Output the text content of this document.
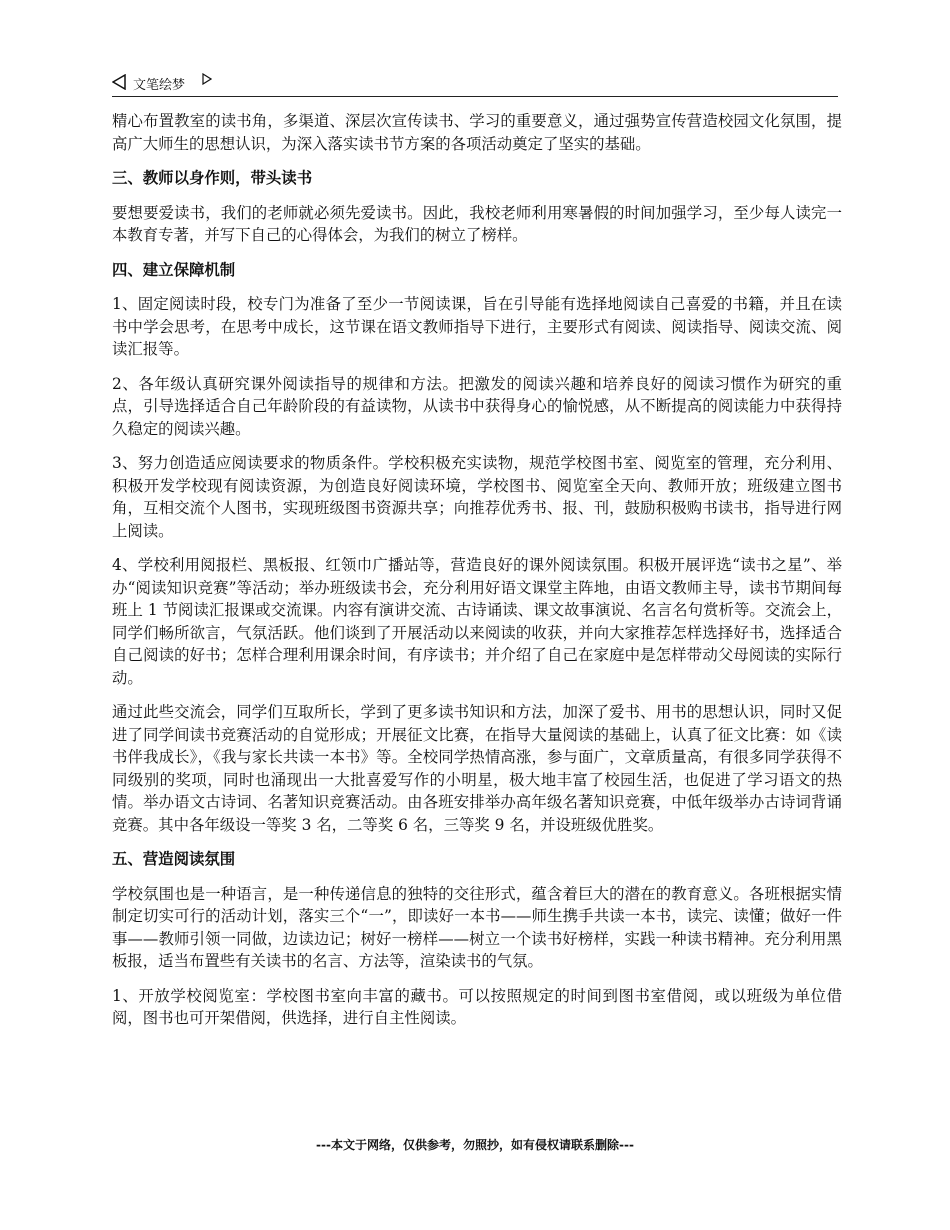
文笔绘梦

精心布置教室的读书角，多渠道、深层次宣传读书、学习的重要意义，通过强势宣传营造校园文化氛围，提高广大师生的思想认识，为深入落实读书节方案的各项活动奠定了坚实的基础。

三、教师以身作则，带头读书

要想要爱读书，我们的老师就必须先爱读书。因此，我校老师利用寒暑假的时间加强学习，至少每人读完一本教育专著，并写下自己的心得体会，为我们的树立了榜样。

四、建立保障机制

1、固定阅读时段，校专门为准备了至少一节阅读课，旨在引导能有选择地阅读自己喜爱的书籍，并且在读书中学会思考，在思考中成长，这节课在语文教师指导下进行，主要形式有阅读、阅读指导、阅读交流、阅读汇报等。

2、各年级认真研究课外阅读指导的规律和方法。把激发的阅读兴趣和培养良好的阅读习惯作为研究的重点，引导选择适合自己年龄阶段的有益读物，从读书中获得身心的愉悦感，从不断提高的阅读能力中获得持久稳定的阅读兴趣。

3、努力创造适应阅读要求的物质条件。学校积极充实读物，规范学校图书室、阅览室的管理，充分利用、积极开发学校现有阅读资源，为创造良好阅读环境，学校图书、阅览室全天向、教师开放；班级建立图书角，互相交流个人图书，实现班级图书资源共享；向推荐优秀书、报、刊，鼓励积极购书读书，指导进行网上阅读。

4、学校利用阅报栏、黑板报、红领巾广播站等，营造良好的课外阅读氛围。积极开展评选“读书之星”、举办“阅读知识竞赛”等活动；举办班级读书会，充分利用好语文课堂主阵地，由语文教师主导，读书节期间每班上 1 节阅读汇报课或交流课。内容有演讲交流、古诗诵读、课文故事演说、名言名句赏析等。交流会上，同学们畅所欲言，气氛活跃。他们谈到了开展活动以来阅读的收获，并向大家推荐怎样选择好书，选择适合自己阅读的好书；怎样合理利用课余时间，有序读书；并介绍了自己在家庭中是怎样带动父母阅读的实际行动。

通过此些交流会，同学们互取所长，学到了更多读书知识和方法，加深了爱书、用书的思想认识，同时又促进了同学间读书竞赛活动的自觉形成；开展征文比赛，在指导大量阅读的基础上，认真了征文比赛：如《读书伴我成长》，《我与家长共读一本书》等。全校同学热情高涨，参与面广，文章质量高，有很多同学获得不同级别的奖项，同时也涌现出一大批喜爱写作的小明星，极大地丰富了校园生活，也促进了学习语文的热情。举办语文古诗词、名著知识竞赛活动。由各班安排举办高年级名著知识竞赛，中低年级举办古诗词背诵竞赛。其中各年级设一等奖 3 名，二等奖 6 名，三等奖 9 名，并设班级优胜奖。

五、营造阅读氛围

学校氛围也是一种语言，是一种传递信息的独特的交往形式，蕴含着巨大的潜在的教育意义。各班根据实情制定切实可行的活动计划，落实三个“一”，即读好一本书——师生携手共读一本书，读完、读懂；做好一件事——教师引领一同做，边读边记；树好一榜样——树立一个读书好榜样，实践一种读书精神。充分利用黑板报，适当布置些有关读书的名言、方法等，渲染读书的气氛。

1、开放学校阅览室：学校图书室向丰富的藏书。可以按照规定的时间到图书室借阅，或以班级为单位借阅，图书也可开架借阅，供选择，进行自主性阅读。

---本文于网络，仅供参考，勿照抄，如有侵权请联系删除---
